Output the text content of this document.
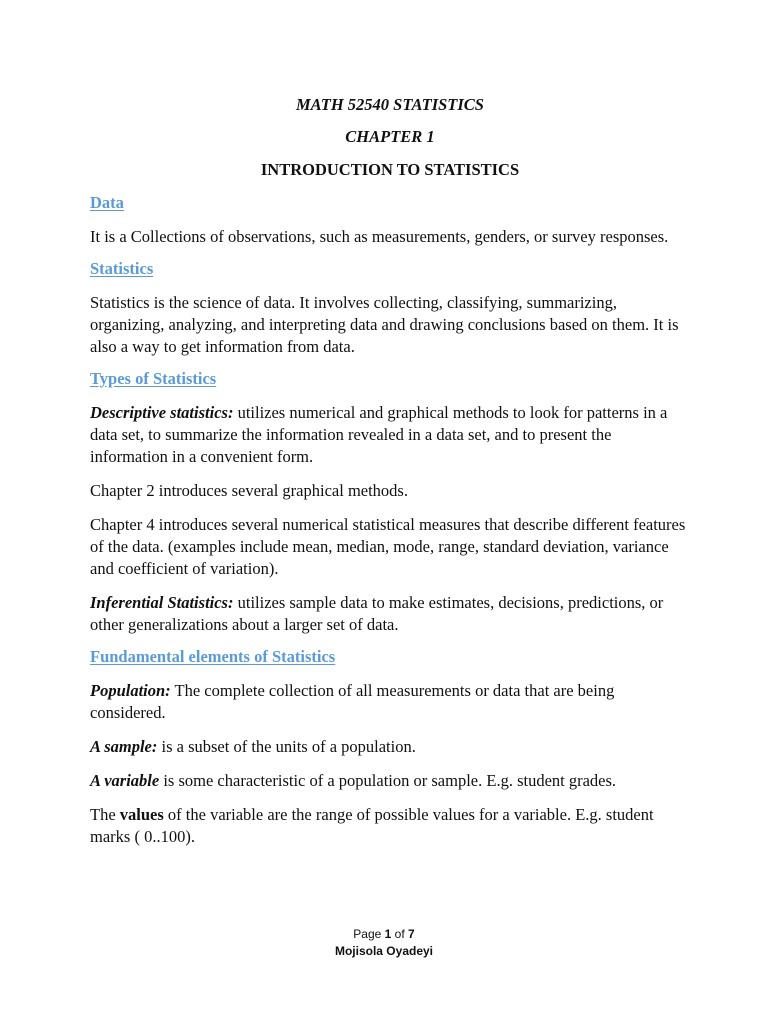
MATH 52540 STATISTICS

CHAPTER 1

INTRODUCTION TO STATISTICS

Data

It is a Collections of observations, such as measurements, genders, or survey responses.

Statistics

Statistics is the science of data. It involves collecting, classifying, summarizing, organizing, analyzing, and interpreting data and drawing conclusions based on them. It is also a way to get information from data.

Types of Statistics

Descriptive statistics: utilizes numerical and graphical methods to look for patterns in a data set, to summarize the information revealed in a data set, and to present the information in a convenient form.

Chapter 2 introduces several graphical methods.

Chapter 4 introduces several numerical statistical measures that describe different features of the data. (examples include mean, median, mode, range, standard deviation, variance and coefficient of variation).

Inferential Statistics: utilizes sample data to make estimates, decisions, predictions, or other generalizations about a larger set of data.

Fundamental elements of Statistics

Population: The complete collection of all measurements or data that are being considered.

A sample: is a subset of the units of a population.

A variable is some characteristic of a population or sample. E.g. student grades.

The values of the variable are the range of possible values for a variable. E.g. student marks ( 0..100).

Page 1 of 7
Mojisola Oyadeyi
